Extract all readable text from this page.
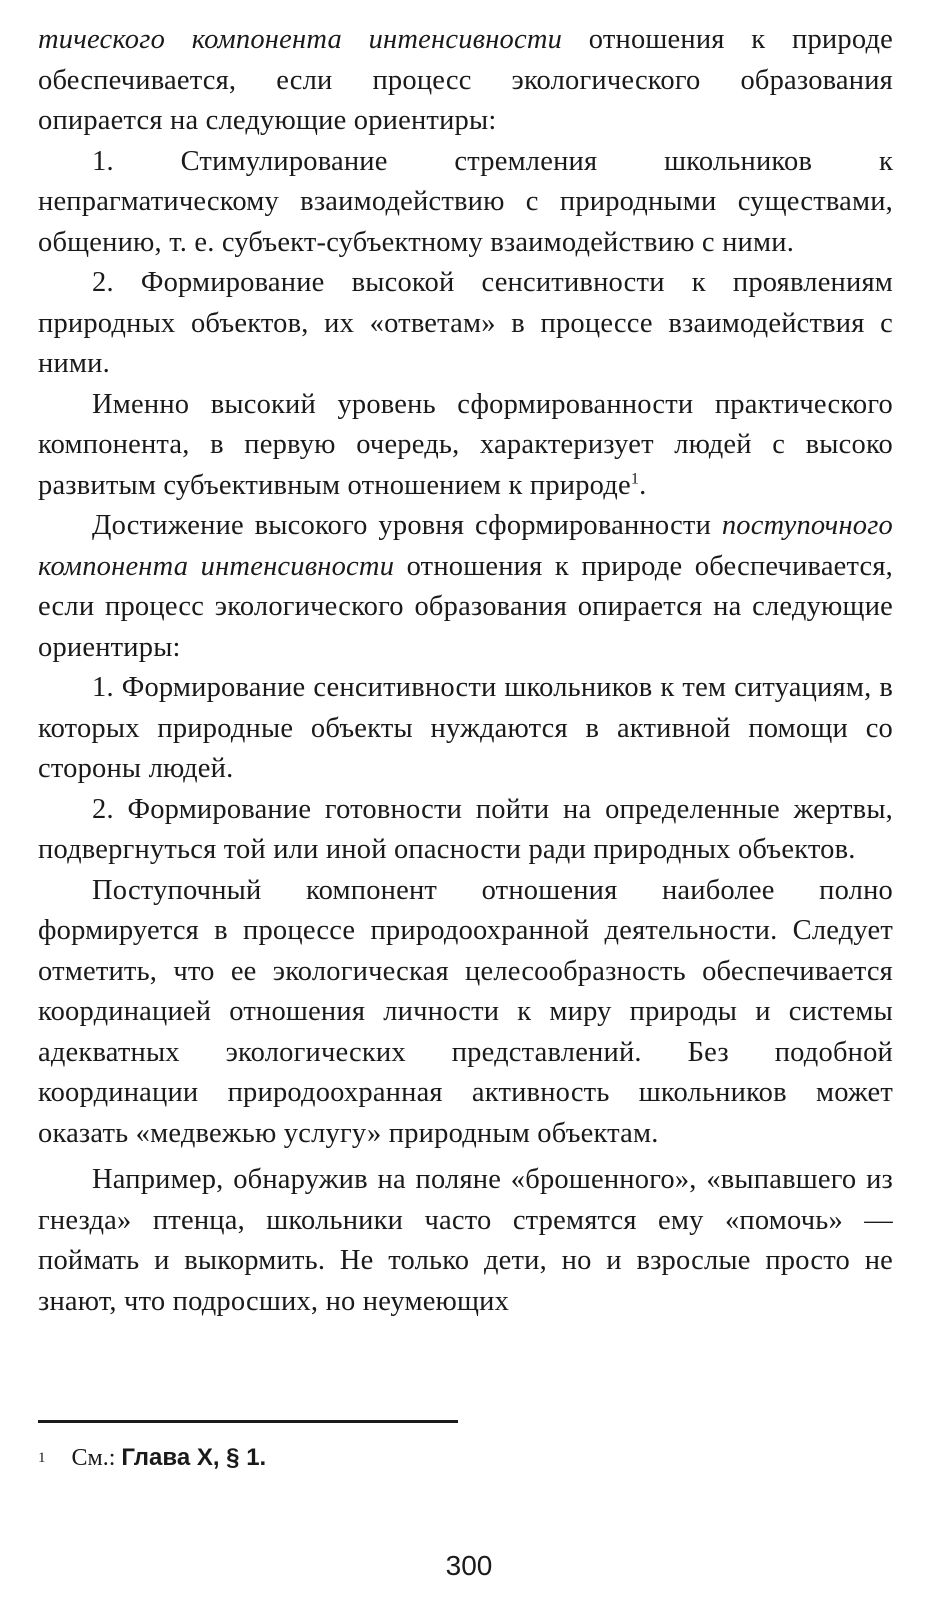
тического компонента интенсивности отношения к природе обеспечивается, если процесс экологического образования опирается на следующие ориентиры:

1. Стимулирование стремления школьников к непрагматическому взаимодействию с природными существами, общению, т. е. субъект-субъектному взаимодействию с ними.

2. Формирование высокой сенситивности к проявлениям природных объектов, их «ответам» в процессе взаимодействия с ними.

Именно высокий уровень сформированности практического компонента, в первую очередь, характеризует людей с высоко развитым субъективным отношением к природе$^1$.

Достижение высокого уровня сформированности поступочного компонента интенсивности отношения к природе обеспечивается, если процесс экологического образования опирается на следующие ориентиры:

1. Формирование сенситивности школьников к тем ситуациям, в которых природные объекты нуждаются в активной помощи со стороны людей.

2. Формирование готовности пойти на определенные жертвы, подвергнуться той или иной опасности ради природных объектов.

Поступочный компонент отношения наиболее полно формируется в процессе природоохранной деятельности. Следует отметить, что ее экологическая целесообразность обеспечивается координацией отношения личности к миру природы и системы адекватных экологических представлений. Без подобной координации природоохранная активность школьников может оказать «медвежью услугу» природным объектам.

Например, обнаружив на поляне «брошенного», «выпавшего из гнезда» птенца, школьники часто стремятся ему «помочь» — поймать и выкормить. Не только дети, но и взрослые просто не знают, что подросших, но неумеющих

$^1$ См.: Глава X, § 1.
300
